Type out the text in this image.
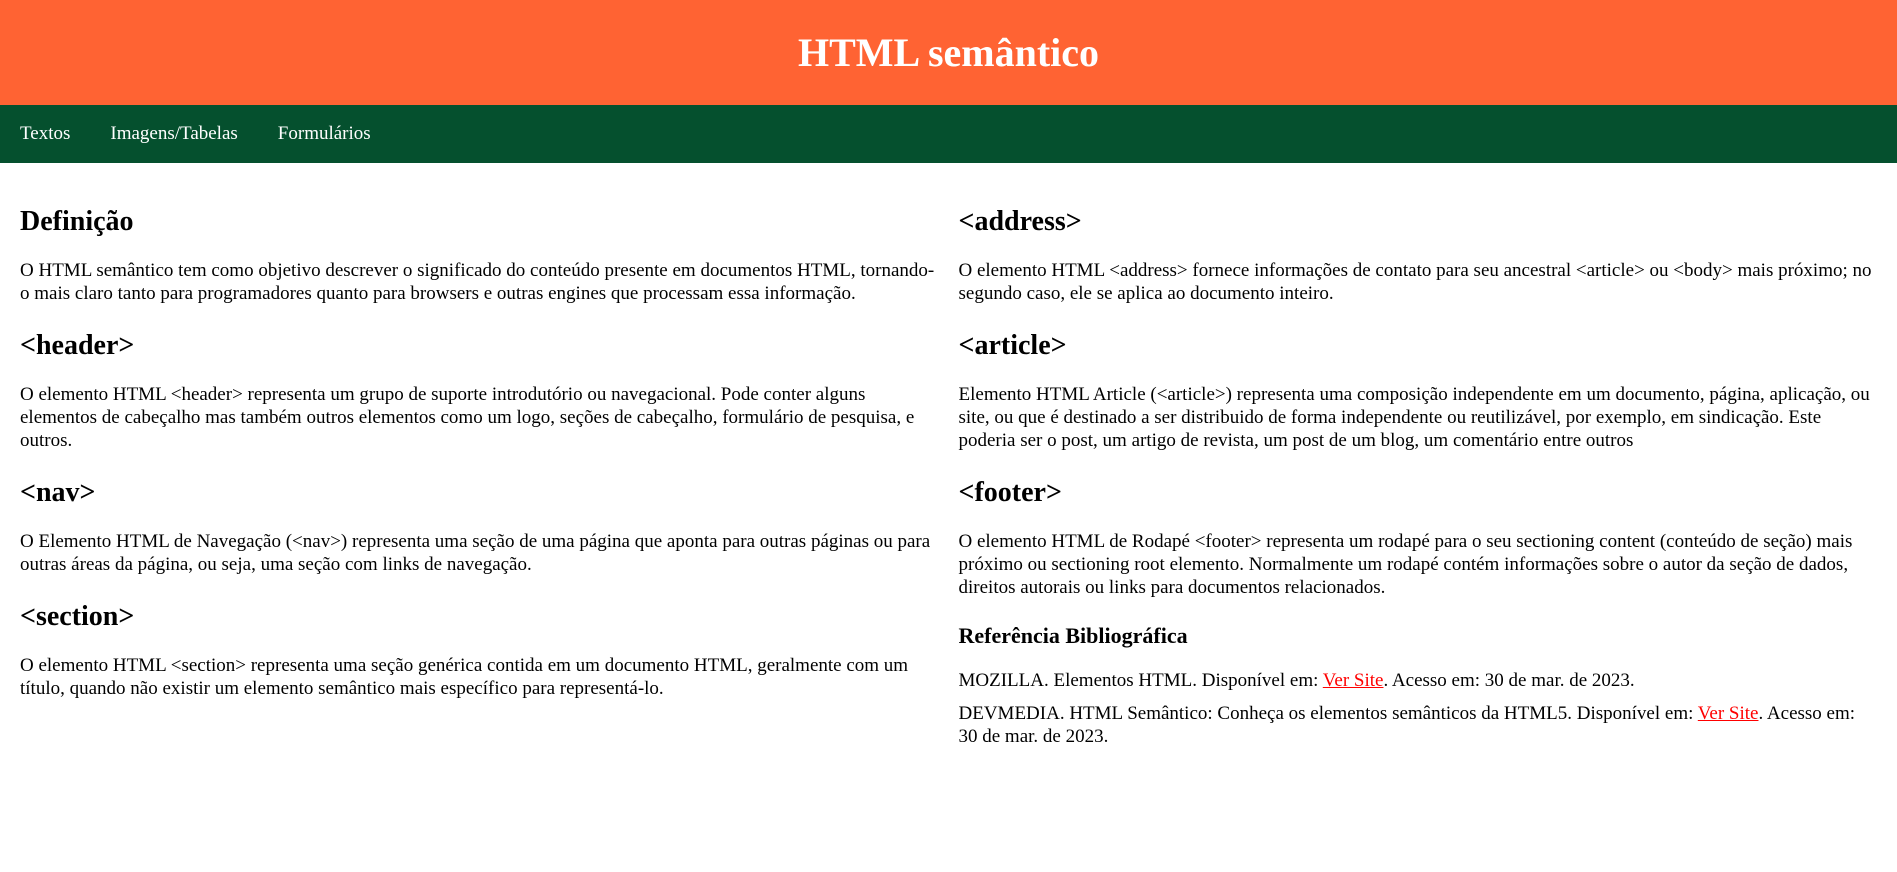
HTML semântico
Textos Imagens/Tabelas Formulários
Definição

O HTML semântico tem como objetivo descrever o significado do conteúdo presente em documentos HTML, tornando-o mais claro tanto para programadores quanto para browsers e outras engines que processam essa informação.

<header>

O elemento HTML <header> representa um grupo de suporte introdutório ou navegacional. Pode conter alguns elementos de cabeçalho mas também outros elementos como um logo, seções de cabeçalho, formulário de pesquisa, e outros.

<nav>

O Elemento HTML de Navegação (<nav>) representa uma seção de uma página que aponta para outras páginas ou para outras áreas da página, ou seja, uma seção com links de navegação.

<section>

O elemento HTML <section> representa uma seção genérica contida em um documento HTML, geralmente com um título, quando não existir um elemento semântico mais específico para representá-lo.

<address>

O elemento HTML <address> fornece informações de contato para seu ancestral <article> ou <body> mais próximo; no segundo caso, ele se aplica ao documento inteiro.

<article>

Elemento HTML Article (<article>) representa uma composição independente em um documento, página, aplicação, ou site, ou que é destinado a ser distribuido de forma independente ou reutilizável, por exemplo, em sindicação. Este poderia ser o post, um artigo de revista, um post de um blog, um comentário entre outros

<footer>

O elemento HTML de Rodapé <footer> representa um rodapé para o seu sectioning content (conteúdo de seção) mais próximo ou sectioning root elemento. Normalmente um rodapé contém informações sobre o autor da seção de dados, direitos autorais ou links para documentos relacionados.

Referência Bibliográfica

MOZILLA. Elementos HTML. Disponível em: Ver Site. Acesso em: 30 de mar. de 2023.

DEVMEDIA. HTML Semântico: Conheça os elementos semânticos da HTML5. Disponível em: Ver Site. Acesso em: 30 de mar. de 2023.
